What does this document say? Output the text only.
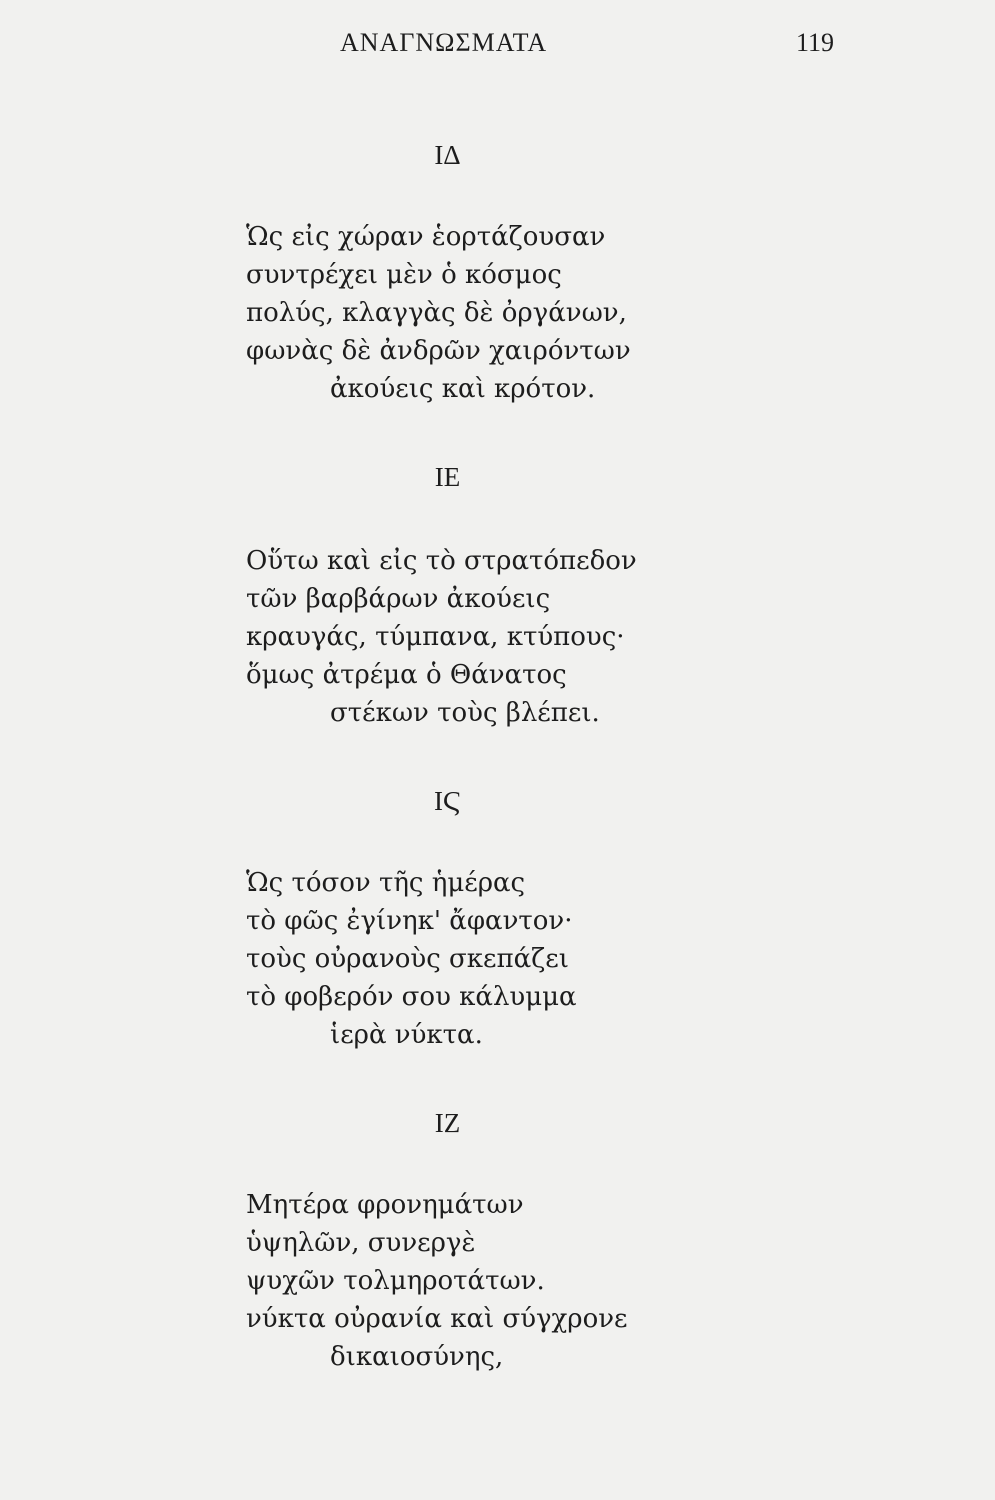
ΑΝΑΓΝΩΣΜΑΤΑ	119
ΙΔ
Ὡς εἰς χώραν ἑορτάζουσαν
συντρέχει μὲν ὁ κόσμος
πολύς, κλαγγὰς δὲ ὀργάνων,
φωνὰς δὲ ἀνδρῶν χαιρόντων
ἀκούεις καὶ κρότον.
ΙΕ
Οὕτω καὶ εἰς τὸ στρατόπεδον
τῶν βαρβάρων ἀκούεις
κραυγάς, τύμπανα, κτύπους·
ὅμως ἀτρέμα ὁ Θάνατος
στέκων τοὺς βλέπει.
ΙϚ
Ὡς τόσον τῆς ἡμέρας
τὸ φῶς ἐγίνηκ' ἄφαντον·
τοὺς οὐρανοὺς σκεπάζει
τὸ φοβερόν σου κάλυμμα
ἱερὰ νύκτα.
ΙΖ
Μητέρα φρονημάτων
ὑψηλῶν, συνεργὲ
ψυχῶν τολμηροτάτων.
νύκτα οὐρανία καὶ σύγχρονε
δικαιοσύνης,
